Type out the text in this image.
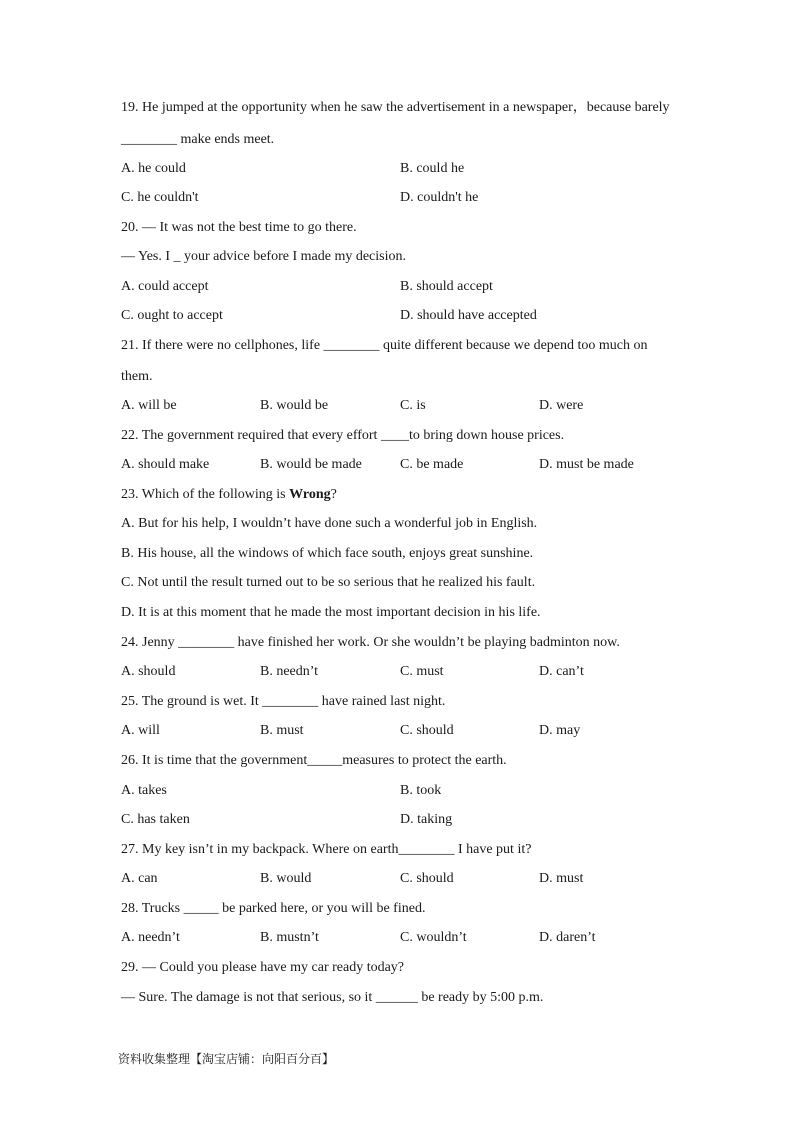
19. He jumped at the opportunity when he saw the advertisement in a newspaper，because barely
________ make ends meet.
A. he could	B. could he
C. he couldn't	D. couldn't he
20. — It was not the best time to go there.
— Yes. I _ your advice before I made my decision.
A. could accept	B. should accept
C. ought to accept	D. should have accepted
21. If there were no cellphones, life ________ quite different because we depend too much on
them.
A. will be	B. would be	C. is	D. were
22. The government required that every effort ____to bring down house prices.
A. should make	B. would be made	C. be made	D. must be made
23. Which of the following is Wrong?
A. But for his help, I wouldn’t have done such a wonderful job in English.
B. His house, all the windows of which face south, enjoys great sunshine.
C. Not until the result turned out to be so serious that he realized his fault.
D. It is at this moment that he made the most important decision in his life.
24. Jenny ________ have finished her work. Or she wouldn’t be playing badminton now.
A. should	B. needn’t	C. must	D. can’t
25. The ground is wet. It ________ have rained last night.
A. will	B. must	C. should	D. may
26. It is time that the government_____measures to protect the earth.
A. takes	B. took
C. has taken	D. taking
27. My key isn’t in my backpack. Where on earth________ I have put it?
A. can	B. would	C. should	D. must
28. Trucks _____ be parked here, or you will be fined.
A. needn’t	B. mustn’t	C. wouldn’t	D. daren’t
29. — Could you please have my car ready today?
— Sure. The damage is not that serious, so it ______ be ready by 5:00 p.m.
资料收集整理【淘宝店铺：向阳百分百】
